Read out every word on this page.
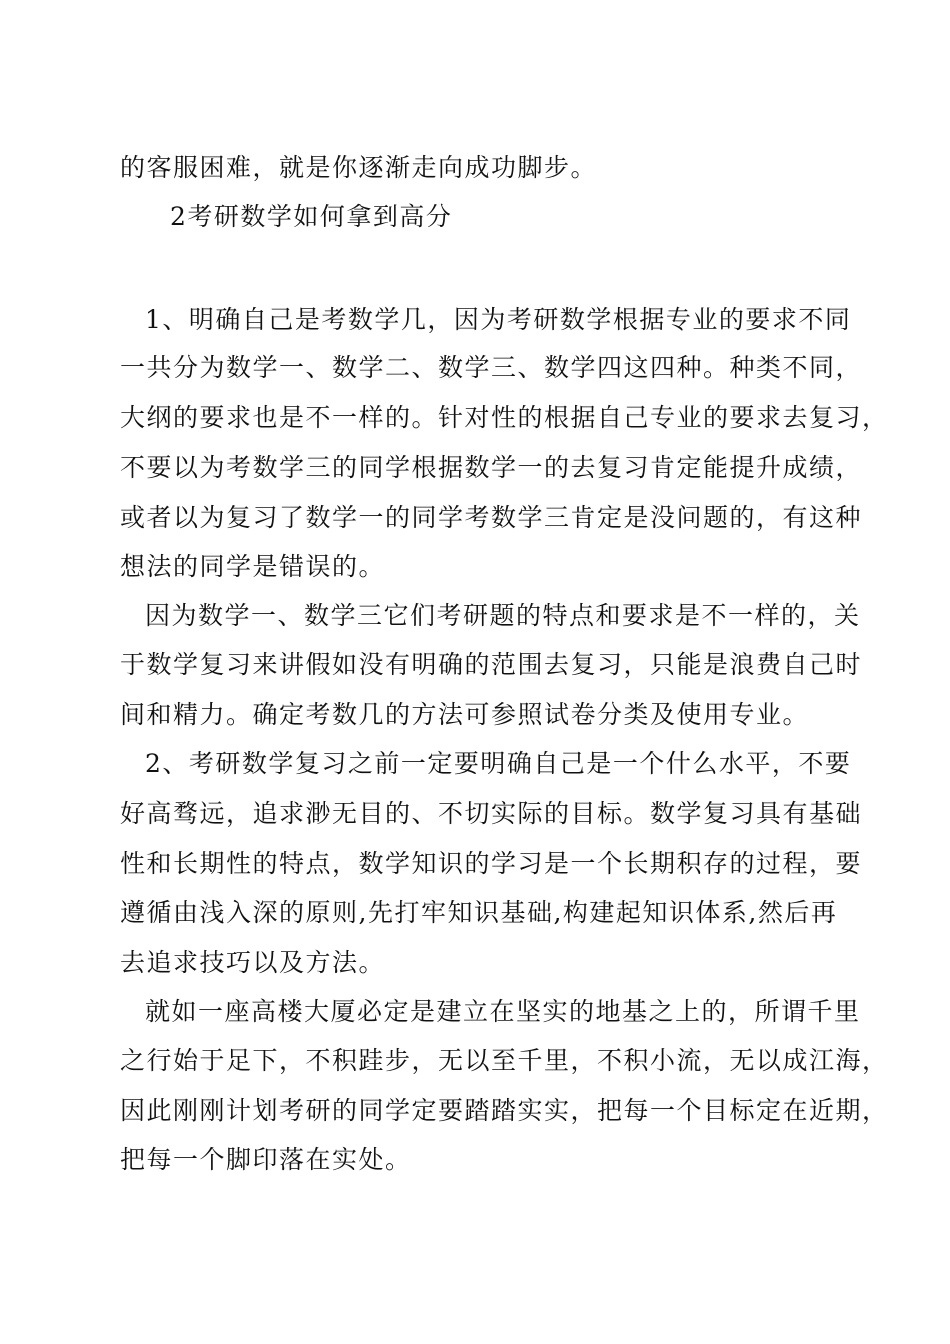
的客服困难，就是你逐渐走向成功脚步。
2考研数学如何拿到高分
1、明确自己是考数学几，因为考研数学根据专业的要求不同
一共分为数学一、数学二、数学三、数学四这四种。种类不同，
大纲的要求也是不一样的。针对性的根据自己专业的要求去复习，
不要以为考数学三的同学根据数学一的去复习肯定能提升成绩，
或者以为复习了数学一的同学考数学三肯定是没问题的，有这种
想法的同学是错误的。
因为数学一、数学三它们考研题的特点和要求是不一样的，关
于数学复习来讲假如没有明确的范围去复习，只能是浪费自己时
间和精力。确定考数几的方法可参照试卷分类及使用专业。
2、考研数学复习之前一定要明确自己是一个什么水平，不要
好高骛远，追求渺无目的、不切实际的目标。数学复习具有基础
性和长期性的特点，数学知识的学习是一个长期积存的过程，要
遵循由浅入深的原则,先打牢知识基础,构建起知识体系,然后再
去追求技巧以及方法。
就如一座高楼大厦必定是建立在坚实的地基之上的，所谓千里
之行始于足下，不积跬步，无以至千里，不积小流，无以成江海，
因此刚刚计划考研的同学定要踏踏实实，把每一个目标定在近期，
把每一个脚印落在实处。
